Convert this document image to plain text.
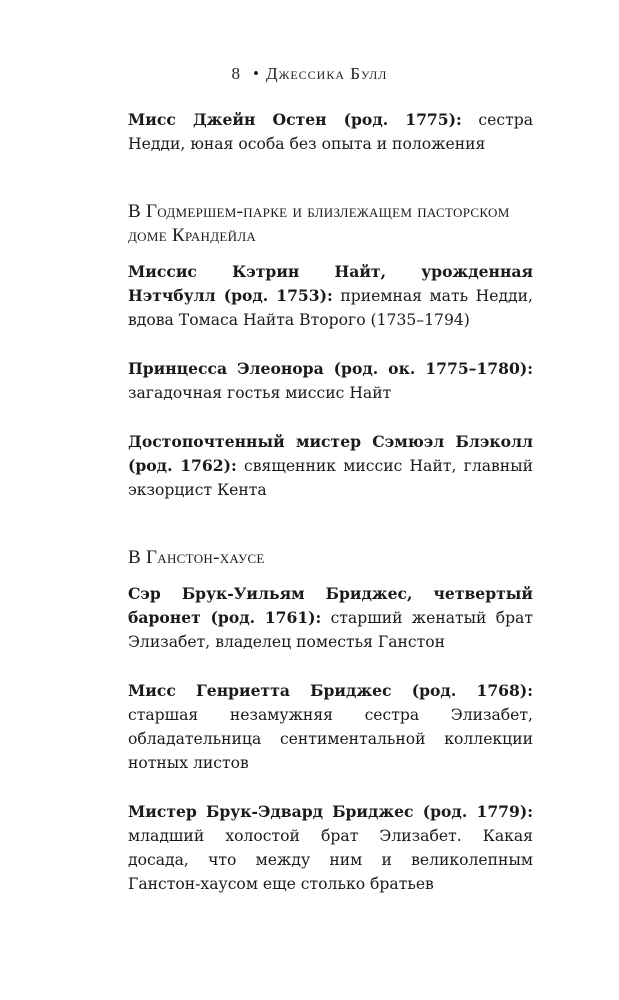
8 • Джессика Булл

Мисс Джейн Остен (род. 1775): сестра Недди, юная особа без опыта и положения

В Годмершем-парке и близлежащем пасторском доме Крандейла

Миссис Кэтрин Найт, урожденная Нэтчбулл (род. 1753): приемная мать Недди, вдова Томаса Найта Второго (1735–1794)

Принцесса Элеонора (род. ок. 1775–1780): загадочная гостья миссис Найт

Достопочтенный мистер Сэмюэл Блэколл (род. 1762): священник миссис Найт, главный экзорцист Кента

В Ганстон-хаусе

Сэр Брук-Уильям Бриджес, четвертый баронет (род. 1761): старший женатый брат Элизабет, владелец поместья Ганстон

Мисс Генриетта Бриджес (род. 1768): старшая незамужняя сестра Элизабет, обладательница сентиментальной коллекции нотных листов

Мистер Брук-Эдвард Бриджес (род. 1779): младший холостой брат Элизабет. Какая досада, что между ним и великолепным Ганстон-хаусом еще столько братьев
